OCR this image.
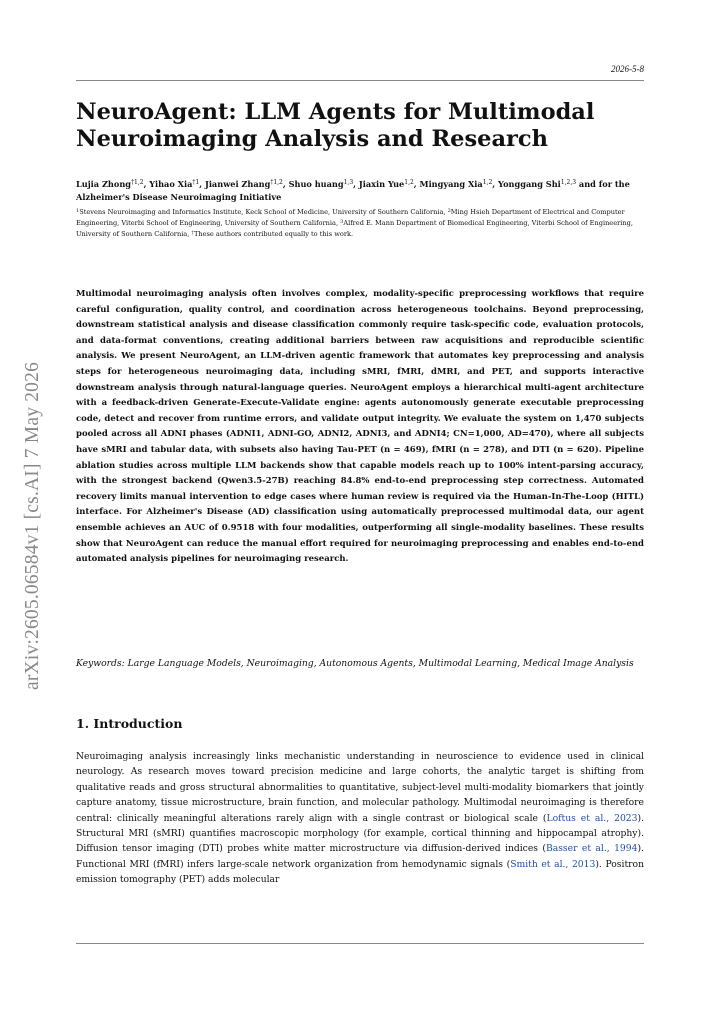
2026-5-8
arXiv:2605.06584v1 [cs.AI] 7 May 2026
NeuroAgent: LLM Agents for Multimodal Neuroimaging Analysis and Research
Lujia Zhong$^{\dagger 1,2}$, Yihao Xia$^{\dagger 1}$, Jianwei Zhang$^{\dagger 1,2}$, Shuo huang$^{1,3}$, Jiaxin Yue$^{1,2}$, Mingyang Xia$^{1,2}$, Yonggang Shi$^{1,2,3}$ and for the Alzheimer's Disease Neuroimaging Initiative
$^1$Stevens Neuroimaging and Informatics Institute, Keck School of Medicine, University of Southern California, $^2$Ming Hsieh Department of Electrical and Computer Engineering, Viterbi School of Engineering, University of Southern California, $^3$Alfred E. Mann Department of Biomedical Engineering, Viterbi School of Engineering, University of Southern California, †These authors contributed equally to this work.

Multimodal neuroimaging analysis often involves complex, modality-specific preprocessing workflows that require careful configuration, quality control, and coordination across heterogeneous toolchains. Beyond preprocessing, downstream statistical analysis and disease classification commonly require task-specific code, evaluation protocols, and data-format conventions, creating additional barriers between raw acquisitions and reproducible scientific analysis. We present NeuroAgent, an LLM-driven agentic framework that automates key preprocessing and analysis steps for heterogeneous neuroimaging data, including sMRI, fMRI, dMRI, and PET, and supports interactive downstream analysis through natural-language queries. NeuroAgent employs a hierarchical multi-agent architecture with a feedback-driven Generate-Execute-Validate engine: agents autonomously generate executable preprocessing code, detect and recover from runtime errors, and validate output integrity. We evaluate the system on 1,470 subjects pooled across all ADNI phases (ADNI1, ADNI-GO, ADNI2, ADNI3, and ADNI4; CN=1,000, AD=470), where all subjects have sMRI and tabular data, with subsets also having Tau-PET (n = 469), fMRI (n = 278), and DTI (n = 620). Pipeline ablation studies across multiple LLM backends show that capable models reach up to 100% intent-parsing accuracy, with the strongest backend (Qwen3.5-27B) reaching 84.8% end-to-end preprocessing step correctness. Automated recovery limits manual intervention to edge cases where human review is required via the Human-In-The-Loop (HITL) interface. For Alzheimer's Disease (AD) classification using automatically preprocessed multimodal data, our agent ensemble achieves an AUC of 0.9518 with four modalities, outperforming all single-modality baselines. These results show that NeuroAgent can reduce the manual effort required for neuroimaging preprocessing and enables end-to-end automated analysis pipelines for neuroimaging research.

Keywords: Large Language Models, Neuroimaging, Autonomous Agents, Multimodal Learning, Medical Image Analysis
1. Introduction

Neuroimaging analysis increasingly links mechanistic understanding in neuroscience to evidence used in clinical neurology. As research moves toward precision medicine and large cohorts, the analytic target is shifting from qualitative reads and gross structural abnormalities to quantitative, subject-level multi-modality biomarkers that jointly capture anatomy, tissue microstructure, brain function, and molecular pathology. Multimodal neuroimaging is therefore central: clinically meaningful alterations rarely align with a single contrast or biological scale (Loftus et al., 2023). Structural MRI (sMRI) quantifies macroscopic morphology (for example, cortical thinning and hippocampal atrophy). Diffusion tensor imaging (DTI) probes white matter microstructure via diffusion-derived indices (Basser et al., 1994). Functional MRI (fMRI) infers large-scale network organization from hemodynamic signals (Smith et al., 2013). Positron emission tomography (PET) adds molecular
